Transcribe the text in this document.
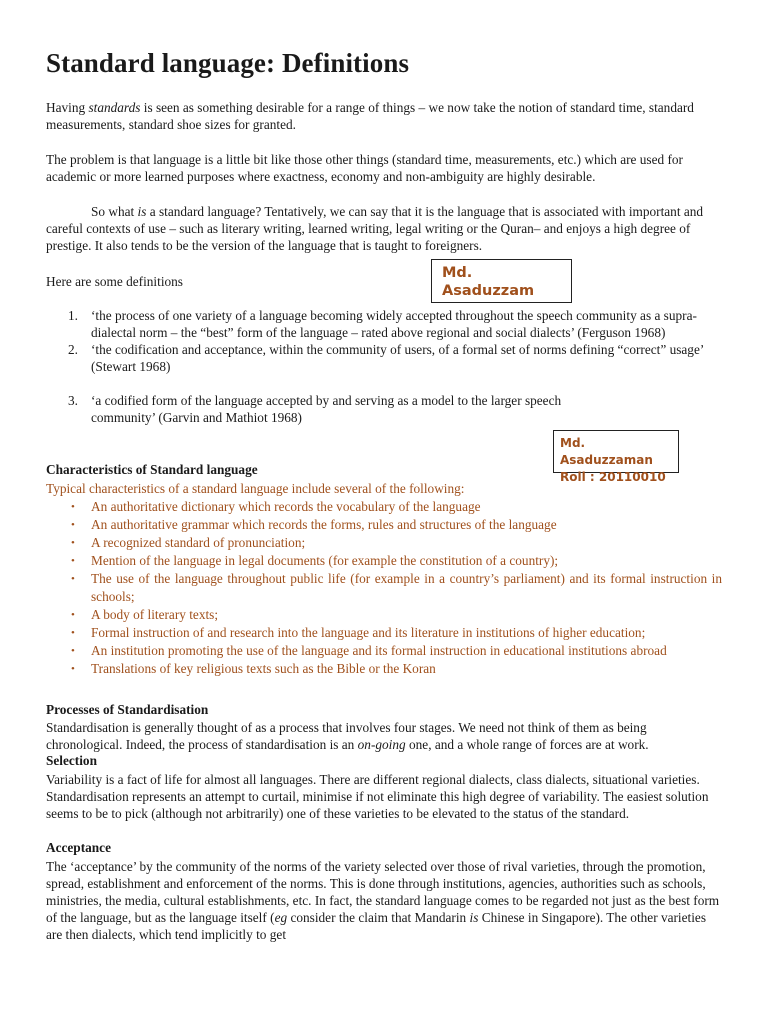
Standard language: Definitions

Having standards is seen as something desirable for a range of things – we now take the notion of standard time, standard measurements, standard shoe sizes for granted.

The problem is that language is a little bit like those other things (standard time, measurements, etc.) which are used for academic or more learned purposes where exactness, economy and non-ambiguity are highly desirable.

So what is a standard language? Tentatively, we can say that it is the language that is associated with important and careful contexts of use – such as literary writing, learned writing, legal writing or the Quran– and enjoys a high degree of prestige. It also tends to be the version of the language that is taught to foreigners.

Here are some definitions

Md.
Asaduzzam
1. ‘the process of one variety of a language becoming widely accepted throughout the speech community as a supra-dialectal norm – the “best” form of the language – rated above regional and social dialects’ (Ferguson 1968)
2. ‘the codification and acceptance, within the community of users, of a formal set of norms defining “correct” usage’ (Stewart 1968)
3. ‘a codified form of the language accepted by and serving as a model to the larger speech community’ (Garvin and Mathiot 1968)
Md. Asaduzzaman
Roll : 20110010

Characteristics of Standard language

Typical characteristics of a standard language include several of the following:

• An authoritative dictionary which records the vocabulary of the language
• An authoritative grammar which records the forms, rules and structures of the language
• A recognized standard of pronunciation;
• Mention of the language in legal documents (for example the constitution of a country);
• The use of the language throughout public life (for example in a country’s parliament) and its formal instruction in schools;
• A body of literary texts;
• Formal instruction of and research into the language and its literature in institutions of higher education;
• An institution promoting the use of the language and its formal instruction in educational institutions abroad
• Translations of key religious texts such as the Bible or the Koran

Processes of Standardisation

Standardisation is generally thought of as a process that involves four stages. We need not think of them as being chronological. Indeed, the process of standardisation is an on-going one, and a whole range of forces are at work.

Selection

Variability is a fact of life for almost all languages. There are different regional dialects, class dialects, situational varieties. Standardisation represents an attempt to curtail, minimise if not eliminate this high degree of variability. The easiest solution seems to be to pick (although not arbitrarily) one of these varieties to be elevated to the status of the standard.

Acceptance

The ‘acceptance’ by the community of the norms of the variety selected over those of rival varieties, through the promotion, spread, establishment and enforcement of the norms. This is done through institutions, agencies, authorities such as schools, ministries, the media, cultural establishments, etc. In fact, the standard language comes to be regarded not just as the best form of the language, but as the language itself (eg consider the claim that Mandarin is Chinese in Singapore). The other varieties are then dialects, which tend implicitly to get
